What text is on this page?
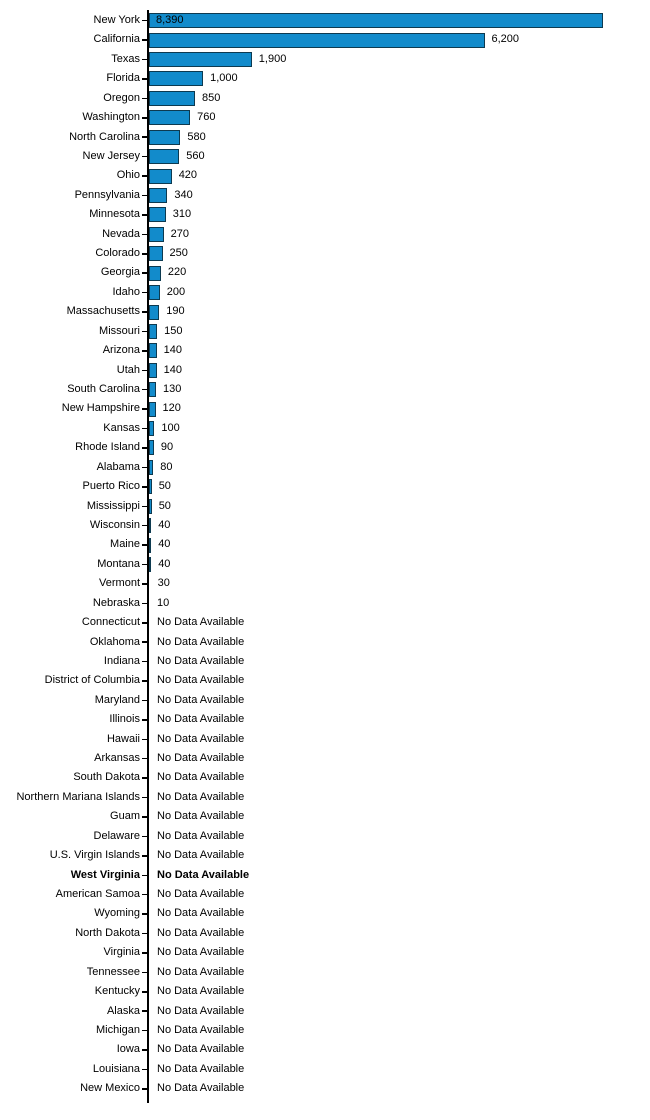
New York 8,390
California	6,200
Texas	1,900
Florida	1,000
Oregon	850
Washington	760
North Carolina	580
New Jersey	560
Ohio	420
Pennsylvania	340
Minnesota	310
Nevada	270
Colorado	250
Georgia	220
Idaho 200
Massachusetts 190
Missouri 150
Arizona 140
Utah 140
South Carolina 130
New Hampshire 120
Kansas 100
Rhode Island 90
Alabama 80
Puerto Rico 50
Mississippi 50
Wisconsin 40
Maine 40
Montana 40
Vermont 30
Nebraska 10
Connecticut No Data Available
Oklahoma No Data Available
Indiana No Data Available
District of Columbia No Data Available
Maryland No Data Available
Illinois No Data Available
Hawaii No Data Available
Arkansas No Data Available
South Dakota No Data Available
Northern Mariana Islands No Data Available
Guam No Data Available
Delaware No Data Available
U.S. Virgin Islands No Data Available
West Virginia No Data Available
American Samoa No Data Available
Wyoming No Data Available
North Dakota No Data Available
Virginia No Data Available
Tennessee No Data Available
Kentucky No Data Available
Alaska No Data Available
Michigan No Data Available
Iowa No Data Available
Louisiana No Data Available
New Mexico No Data Available
